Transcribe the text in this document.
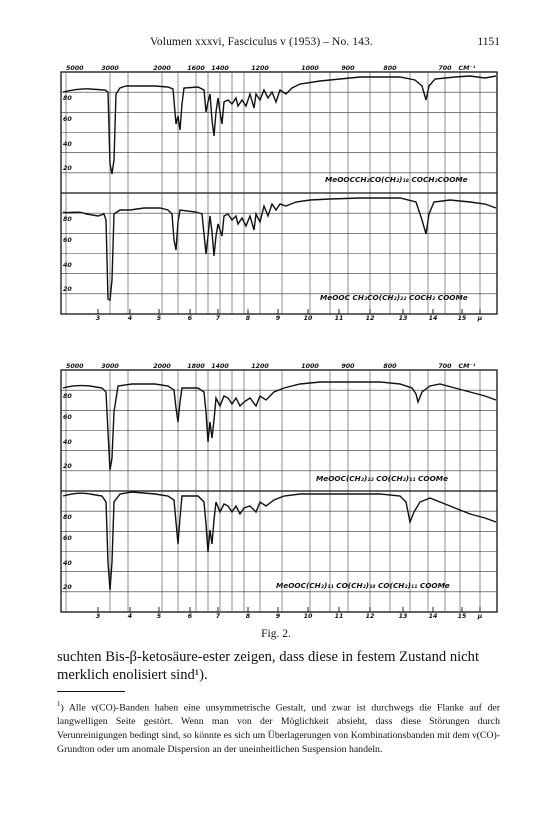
Volumen xxxvi, Fasciculus v (1953) – No. 143.	1151
5000	3000	2000	1600 1400	1200	1000	900	800	700 CM⁻¹
80
60
40
20
80
60
40
20
3	4	5	6	7	8	9	10	11	12	13	14	15 μ
MeOOCCH₂CO(CH₂)₁₈ COCH₂COOMe
MeOOC CH₂CO(CH₂)₂₂ COCH₂ COOMe
5000	3000	2000	1800 1400	1200	1000	900	800	700 CM⁻¹
80
60
40
20
80
60
40
20
3	4	5	6	7	8	9	10	11	12	13	14	15 μ
MeOOC(CH₂)₂₂ CO(CH₂)₁₁ COOMe
MeOOC(CH₂)₁₁ CO(CH₂)₁₈ CO(CH₂)₁₁ COOMe
Fig. 2.
suchten Bis-β-ketosäure-ester zeigen, dass diese in festem Zustand nicht merklich enolisiert sind¹).
$^1$) Alle ν(CO)-Banden haben eine unsymmetrische Gestalt, und zwar ist durchwegs die Flanke auf der langwelligen Seite gestört. Wenn man von der Möglichkeit absieht, dass diese Störungen durch Verunreinigungen bedingt sind, so könnte es sich um Überlagerungen von Kombinationsbanden mit dem ν(CO)-Grundton oder um anomale Dispersion an der uneinheitlichen Suspension handeln.
